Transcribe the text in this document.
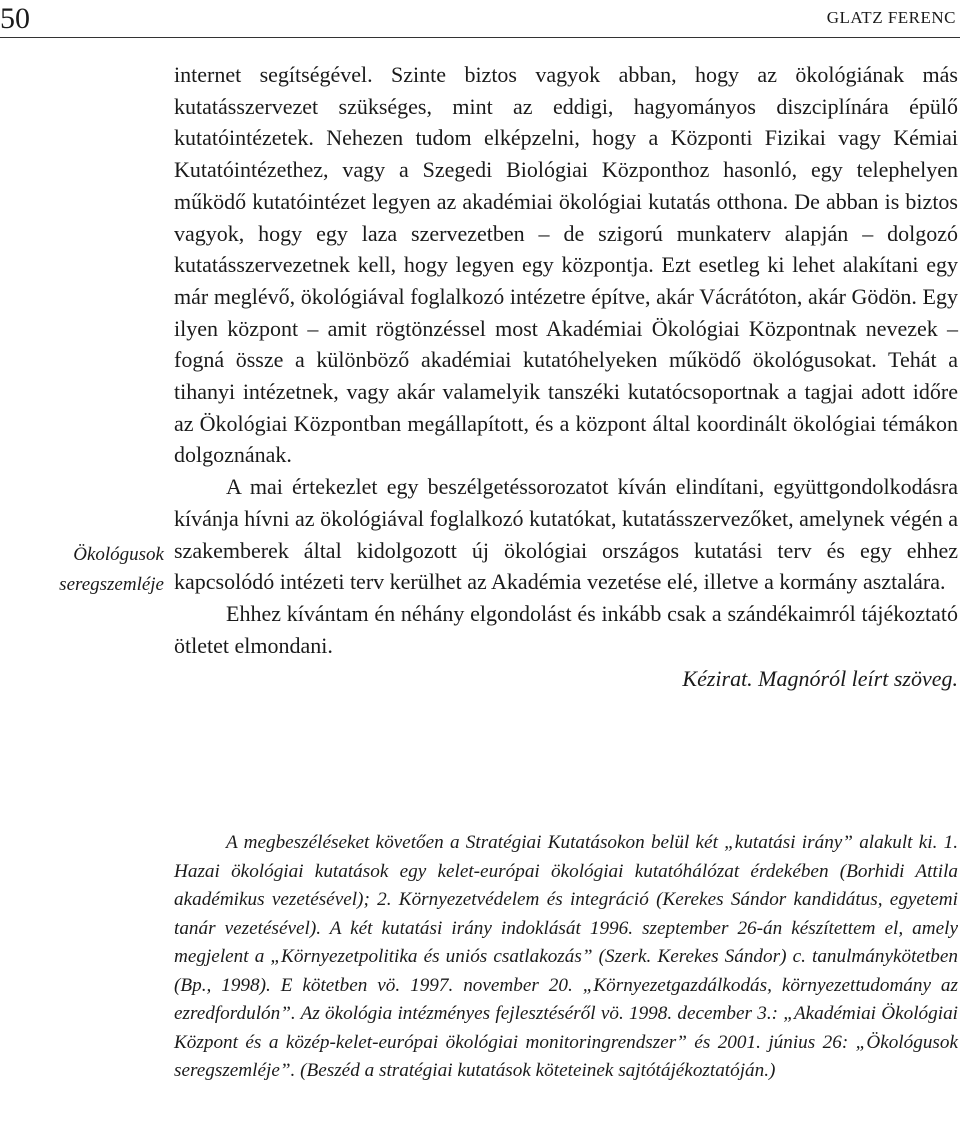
50	GLATZ FERENC
Ökológusok
seregszemléje

internet segítségével. Szinte biztos vagyok abban, hogy az ökológiának más kutatásszervezet szükséges, mint az eddigi, hagyományos diszciplínára épülő kutatóintézetek. Nehezen tudom elképzelni, hogy a Központi Fizikai vagy Kémiai Kutatóintézethez, vagy a Szegedi Biológiai Központhoz hasonló, egy telephelyen működő kutatóintézet legyen az akadémiai ökológiai kutatás otthona. De abban is biztos vagyok, hogy egy laza szervezetben – de szigorú munkaterv alapján – dolgozó kutatásszervezetnek kell, hogy legyen egy központja. Ezt esetleg ki lehet alakítani egy már meglévő, ökológiával foglalkozó intézetre építve, akár Vácrátóton, akár Gödön. Egy ilyen központ – amit rögtönzéssel most Akadémiai Ökológiai Központnak nevezek – fogná össze a különböző akadémiai kutatóhelyeken működő ökológusokat. Tehát a tihanyi intézetnek, vagy akár valamelyik tanszéki kutatócsoportnak a tagjai adott időre az Ökológiai Központban megállapított, és a központ által koordinált ökológiai témákon dolgoznának.

A mai értekezlet egy beszélgetéssorozatot kíván elindítani, együttgondolkodásra kívánja hívni az ökológiával foglalkozó kutatókat, kutatásszervezőket, amelynek végén a szakemberek által kidolgozott új ökológiai országos kutatási terv és egy ehhez kapcsolódó intézeti terv kerülhet az Akadémia vezetése elé, illetve a kormány asztalára.

Ehhez kívántam én néhány elgondolást és inkább csak a szándékaimról tájékoztató ötletet elmondani.

Kézirat. Magnóról leírt szöveg.

A megbeszéléseket követően a Stratégiai Kutatásokon belül két „kutatási irány” alakult ki. 1. Hazai ökológiai kutatások egy kelet-európai ökológiai kutatóhálózat érdekében (Borhidi Attila akadémikus vezetésével); 2. Környezetvédelem és integráció (Kerekes Sándor kandidátus, egyetemi tanár vezetésével). A két kutatási irány indoklását 1996. szeptember 26-án készítettem el, amely megjelent a „Környezetpolitika és uniós csatlakozás” (Szerk. Kerekes Sándor) c. tanulmánykötetben (Bp., 1998). E kötetben vö. 1997. november 20. „Környezetgazdálkodás, környezettudomány az ezredfordulón”. Az ökológia intézményes fejlesztéséről vö. 1998. december 3.: „Akadémiai Ökológiai Központ és a közép-kelet-európai ökológiai monitoringrendszer” és 2001. június 26: „Ökológusok seregszemléje”. (Beszéd a stratégiai kutatások köteteinek sajtótájékoztatóján.)
